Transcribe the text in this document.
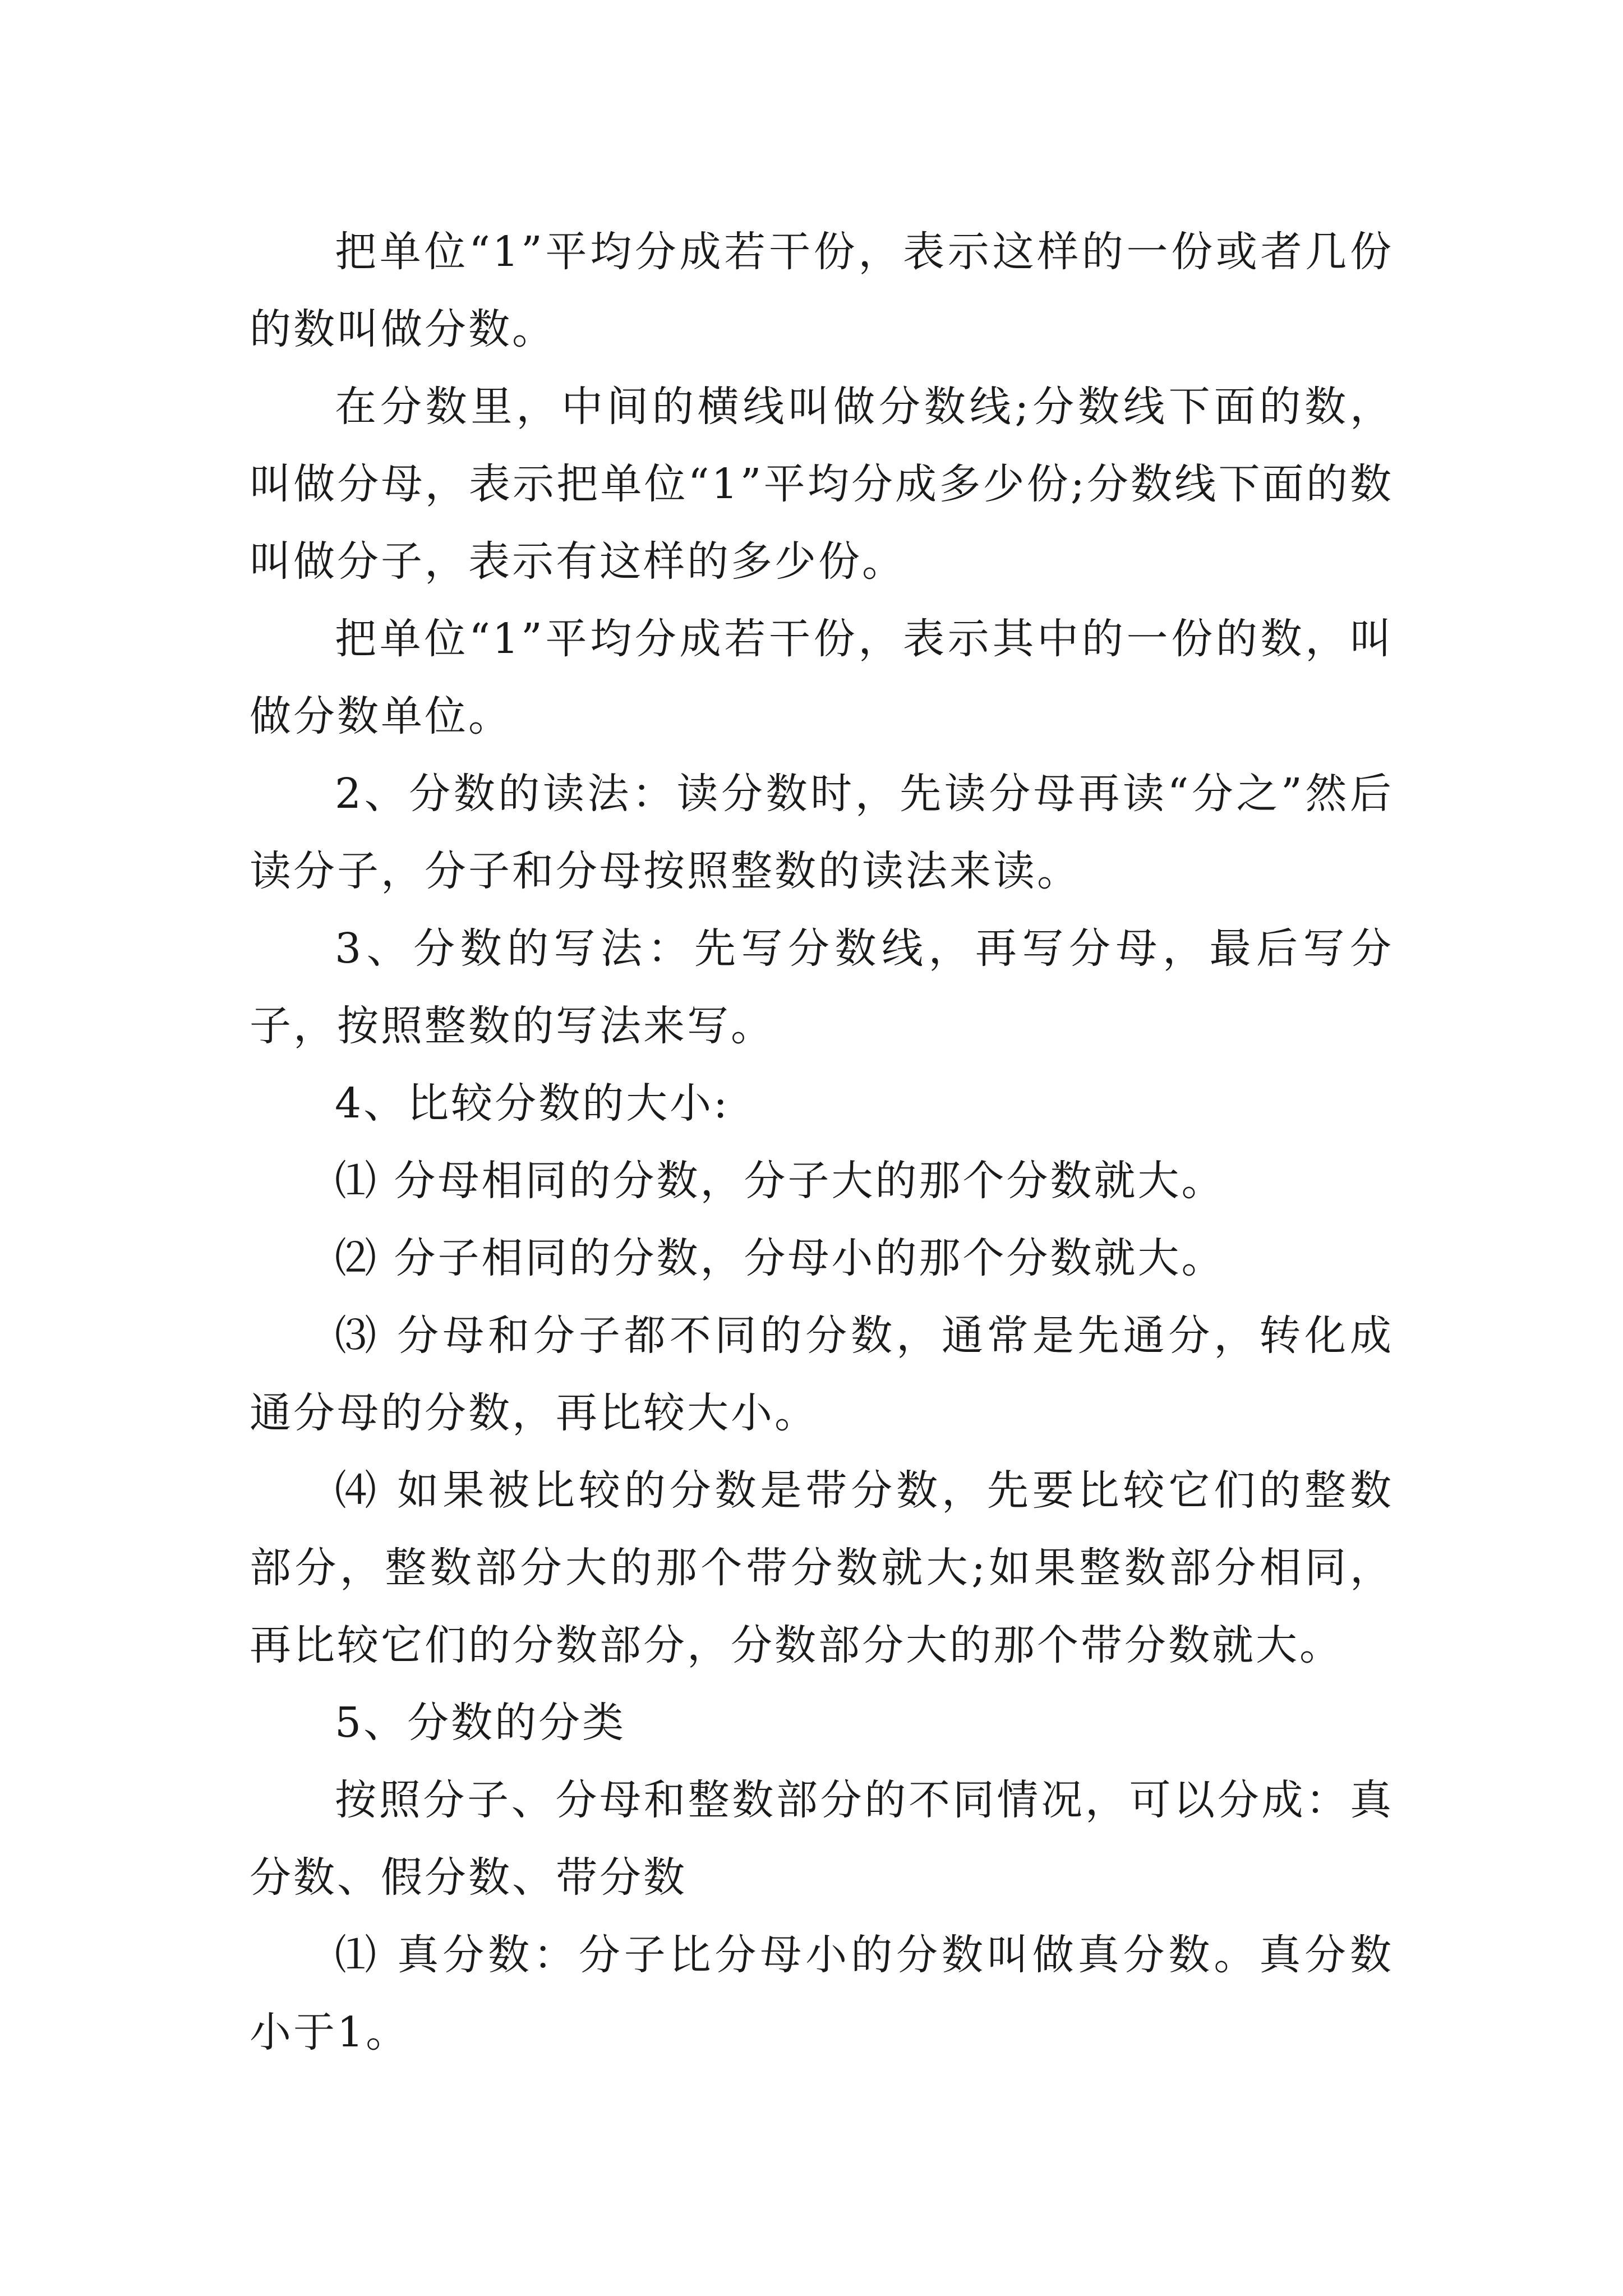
把单位“1”平均分成若干份，表示这样的一份或者几份的数叫做分数。

在分数里，中间的横线叫做分数线;分数线下面的数，叫做分母，表示把单位“1”平均分成多少份;分数线下面的数叫做分子，表示有这样的多少份。

把单位“1”平均分成若干份，表示其中的一份的数，叫做分数单位。

2、分数的读法：读分数时，先读分母再读“分之”然后读分子，分子和分母按照整数的读法来读。

3、分数的写法：先写分数线，再写分母，最后写分子，按照整数的写法来写。

4、比较分数的大小:

⑴ 分母相同的分数，分子大的那个分数就大。

⑵ 分子相同的分数，分母小的那个分数就大。

⑶ 分母和分子都不同的分数，通常是先通分，转化成通分母的分数，再比较大小。

⑷ 如果被比较的分数是带分数，先要比较它们的整数部分，整数部分大的那个带分数就大;如果整数部分相同，再比较它们的分数部分，分数部分大的那个带分数就大。

5、分数的分类

按照分子、分母和整数部分的不同情况，可以分成：真分数、假分数、带分数

⑴ 真分数：分子比分母小的分数叫做真分数。真分数小于1。
